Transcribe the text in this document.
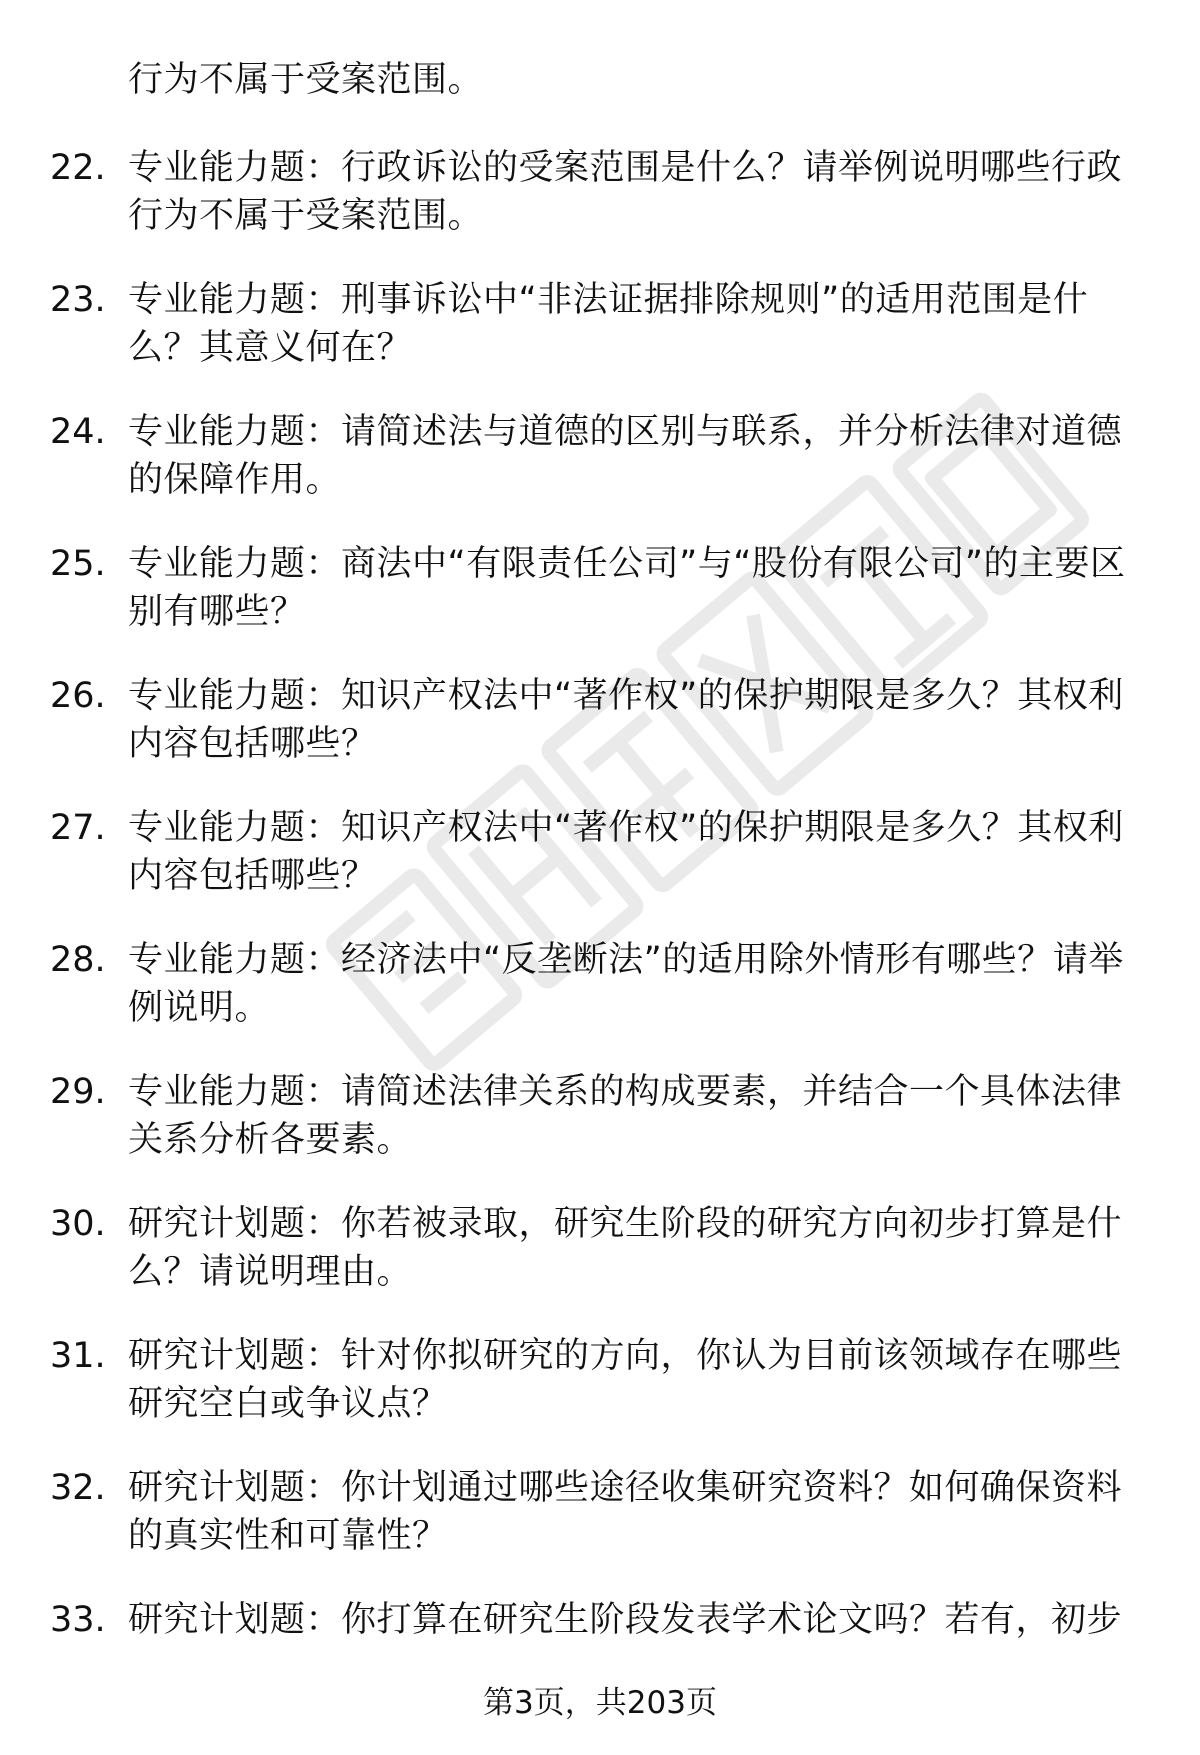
行为不属于受案范围。
22. 专业能力题：行政诉讼的受案范围是什么？请举例说明哪些行政行为不属于受案范围。
23. 专业能力题：刑事诉讼中“非法证据排除规则”的适用范围是什么？其意义何在？
24. 专业能力题：请简述法与道德的区别与联系，并分析法律对道德的保障作用。
25. 专业能力题：商法中“有限责任公司”与“股份有限公司”的主要区别有哪些？
26. 专业能力题：知识产权法中“著作权”的保护期限是多久？其权利内容包括哪些？
27. 专业能力题：知识产权法中“著作权”的保护期限是多久？其权利内容包括哪些？
28. 专业能力题：经济法中“反垄断法”的适用除外情形有哪些？请举例说明。
29. 专业能力题：请简述法律关系的构成要素，并结合一个具体法律关系分析各要素。
30. 研究计划题：你若被录取，研究生阶段的研究方向初步打算是什么？请说明理由。
31. 研究计划题：针对你拟研究的方向，你认为目前该领域存在哪些研究空白或争议点？
32. 研究计划题：你计划通过哪些途径收集研究资料？如何确保资料的真实性和可靠性？
33. 研究计划题：你打算在研究生阶段发表学术论文吗？若有，初步
第3页，共203页
